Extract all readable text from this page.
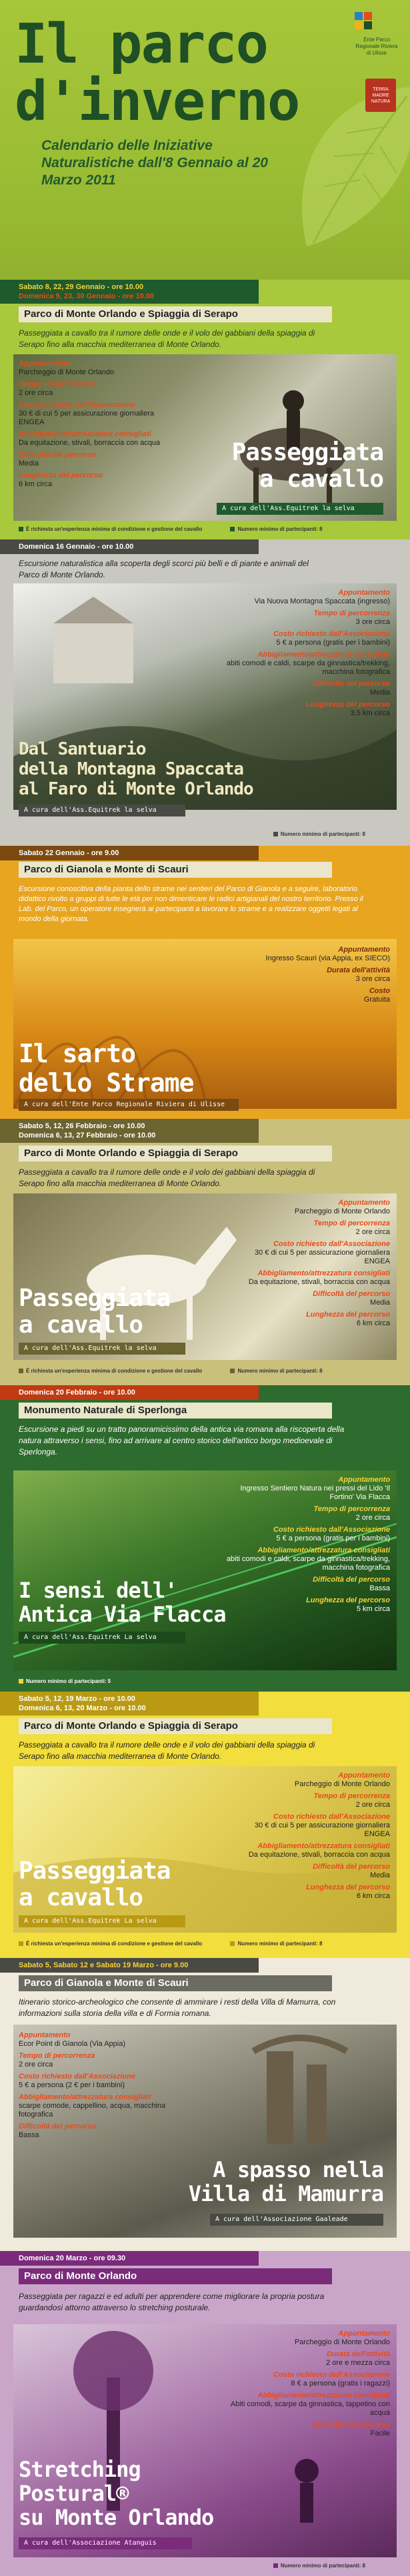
Il parco
d'inverno
Calendario delle Iniziative Naturalistiche dall'8 Gennaio al 20 Marzo 2011
Ente Parco Regionale Riviera di Ulisse
TERRA MADRE NATURA
Sabato 8, 22, 29 Gennaio - ore 10.00
Domenica 9, 23, 30 Gennaio - ore 10.00
Parco di Monte Orlando e Spiaggia di Serapo
Passeggiata a cavallo tra il rumore delle onde e il volo dei gabbiani della spiaggia di Serapo fino alla macchia mediterranea di Monte Orlando.
Appuntamento
Parcheggio di Monte Orlando
Tempo di percorrenza
2 ore circa
Costo richiesto dall'Associazione
30 € di cui 5 per assicurazione giornaliera ENGEA
Abbigliamento/attrezzatura consigliati
Da equitazione, stivali, borraccia con acqua
Difficoltà del percorso
Media
Lunghezza del percorso
6 km circa
Passeggiata
a cavallo
A cura dell'Ass.Equitrek la selva
È richiesta un'esperienza minima di condizione e gestione del cavallo	Numero minimo di partecipanti: 8
Domenica 16 Gennaio - ore 10.00
Escursione naturalistica alla scoperta degli scorci più belli e di piante e animali del Parco di Monte Orlando.
Appuntamento
Via Nuova Montagna Spaccata (ingresso)
Tempo di percorrenza
3 ore circa
Costo richiesto dall'Associazione
5 € a persona (gratis per i bambini)
Abbigliamento/attrezzatura consigliati
abiti comodi e caldi, scarpe da ginnastica/trekking, macchina fotografica
Difficoltà del percorso
Media
Lunghezza del percorso
3,5 km circa
Dal Santuario
della Montagna Spaccata
al Faro di Monte Orlando
A cura dell'Ass.Equitrek la selva
Numero minimo di partecipanti: 8
Sabato 22 Gennaio - ore 9.00
Parco di Gianola e Monte di Scauri
Escursione conoscitiva della pianta dello strame nei sentieri del Parco di Gianola e a seguire, laboratorio didattico rivolto a gruppi di tutte le età per non dimenticare le radici artigianali del nostro territorio. Presso il Lab. del Parco, un operatore insegnerà ai partecipanti a lavorare lo strame e a realizzare oggetti legati al mondo della giornata.
Appuntamento
Ingresso Scauri (via Appia, ex SIECO)
Durata dell'attività
3 ore circa
Costo
Gratuita
Il sarto
dello Strame
A cura dell'Ente Parco Regionale Riviera di Ulisse
Sabato 5, 12, 26 Febbraio - ore 10.00
Domenica 6, 13, 27 Febbraio - ore 10.00
Parco di Monte Orlando e Spiaggia di Serapo
Passeggiata a cavallo tra il rumore delle onde e il volo dei gabbiani della spiaggia di Serapo fino alla macchia mediterranea di Monte Orlando.
Appuntamento
Parcheggio di Monte Orlando
Tempo di percorrenza
2 ore circa
Costo richiesto dall'Associazione
30 € di cui 5 per assicurazione giornaliera ENGEA
Abbigliamento/attrezzatura consigliati
Da equitazione, stivali, borraccia con acqua
Difficoltà del percorso
Media
Lunghezza del percorso
6 km circa
Passeggiata
a cavallo
A cura dell'Ass.Equitrek la selva
È richiesta un'esperienza minima di condizione e gestione del cavallo	Numero minimo di partecipanti: 8
Domenica 20 Febbraio - ore 10.00
Monumento Naturale di Sperlonga
Escursione a piedi su un tratto panoramicissimo della antica via romana alla riscoperta della natura attraverso i sensi, fino ad arrivare al centro storico dell'antico borgo medioevale di Sperlonga.
Appuntamento
Ingresso Sentiero Natura nei pressi del Lido 'Il Fortino' Via Flacca
Tempo di percorrenza
2 ore circa
Costo richiesto dall'Associazione
5 € a persona (gratis per i bambini)
Abbigliamento/attrezzatura consigliati
abiti comodi e caldi, scarpe da ginnastica/trekking, macchina fotografica
Difficoltà del percorso
Bassa
Lunghezza del percorso
5 km circa
I sensi dell'
Antica Via Flacca
A cura dell'Ass.Equitrek La selva
Numero minimo di partecipanti: 5
Sabato 5, 12, 19 Marzo - ore 10.00
Domenica 6, 13, 20 Marzo - ore 10.00
Parco di Monte Orlando e Spiaggia di Serapo
Passeggiata a cavallo tra il rumore delle onde e il volo dei gabbiani della spiaggia di Serapo fino alla macchia mediterranea di Monte Orlando.
Appuntamento
Parcheggio di Monte Orlando
Tempo di percorrenza
2 ore circa
Costo richiesto dall'Associazione
30 € di cui 5 per assicurazione giornaliera ENGEA
Abbigliamento/attrezzatura consigliati
Da equitazione, stivali, borraccia con acqua
Difficoltà del percorso
Media
Lunghezza del percorso
6 km circa
Passeggiata
a cavallo
A cura dell'Ass.Equitrek La selva
È richiesta un'esperienza minima di condizione e gestione del cavallo	Numero minimo di partecipanti: 8
Sabato 5, Sabato 12 e Sabato 19 Marzo - ore 9.00
Parco di Gianola e Monte di Scauri
Itinerario storico-archeologico che consente di ammirare i resti della Villa di Mamurra, con informazioni sulla storia della villa e di Formia romana.
Appuntamento
Ecor Point di Gianola (Via Appia)
Tempo di percorrenza
2 ore circa
Costo richiesto dall'Associazione
5 € a persona (2 € per i bambini)
Abbigliamento/attrezzatura consigliati
scarpe comode, cappellino, acqua, macchina fotografica
Difficoltà del percorso
Bassa
A spasso nella
Villa di Mamurra
A cura dell'Associazione Gaaleade
Domenica 20 Marzo - ore 09.30
Parco di Monte Orlando
Passeggiata per ragazzi e ed adulti per apprendere come migliorare la propria postura guardandosi attorno attraverso lo stretching posturale.
Appuntamento
Parcheggio di Monte Orlando
Durata dell'attività
2 ore e mezza circa
Costo richiesto dall'Associazione
8 € a persona (gratis i ragazzi)
Abbigliamento/attrezzatura consigliati
Abiti comodi, scarpe da ginnastica, tappetino con acqua
Difficoltà del percorso
Facile
Stretching
Postural®
su Monte Orlando
A cura dell'Associazione Atanguis
Numero minimo di partecipanti: 8
